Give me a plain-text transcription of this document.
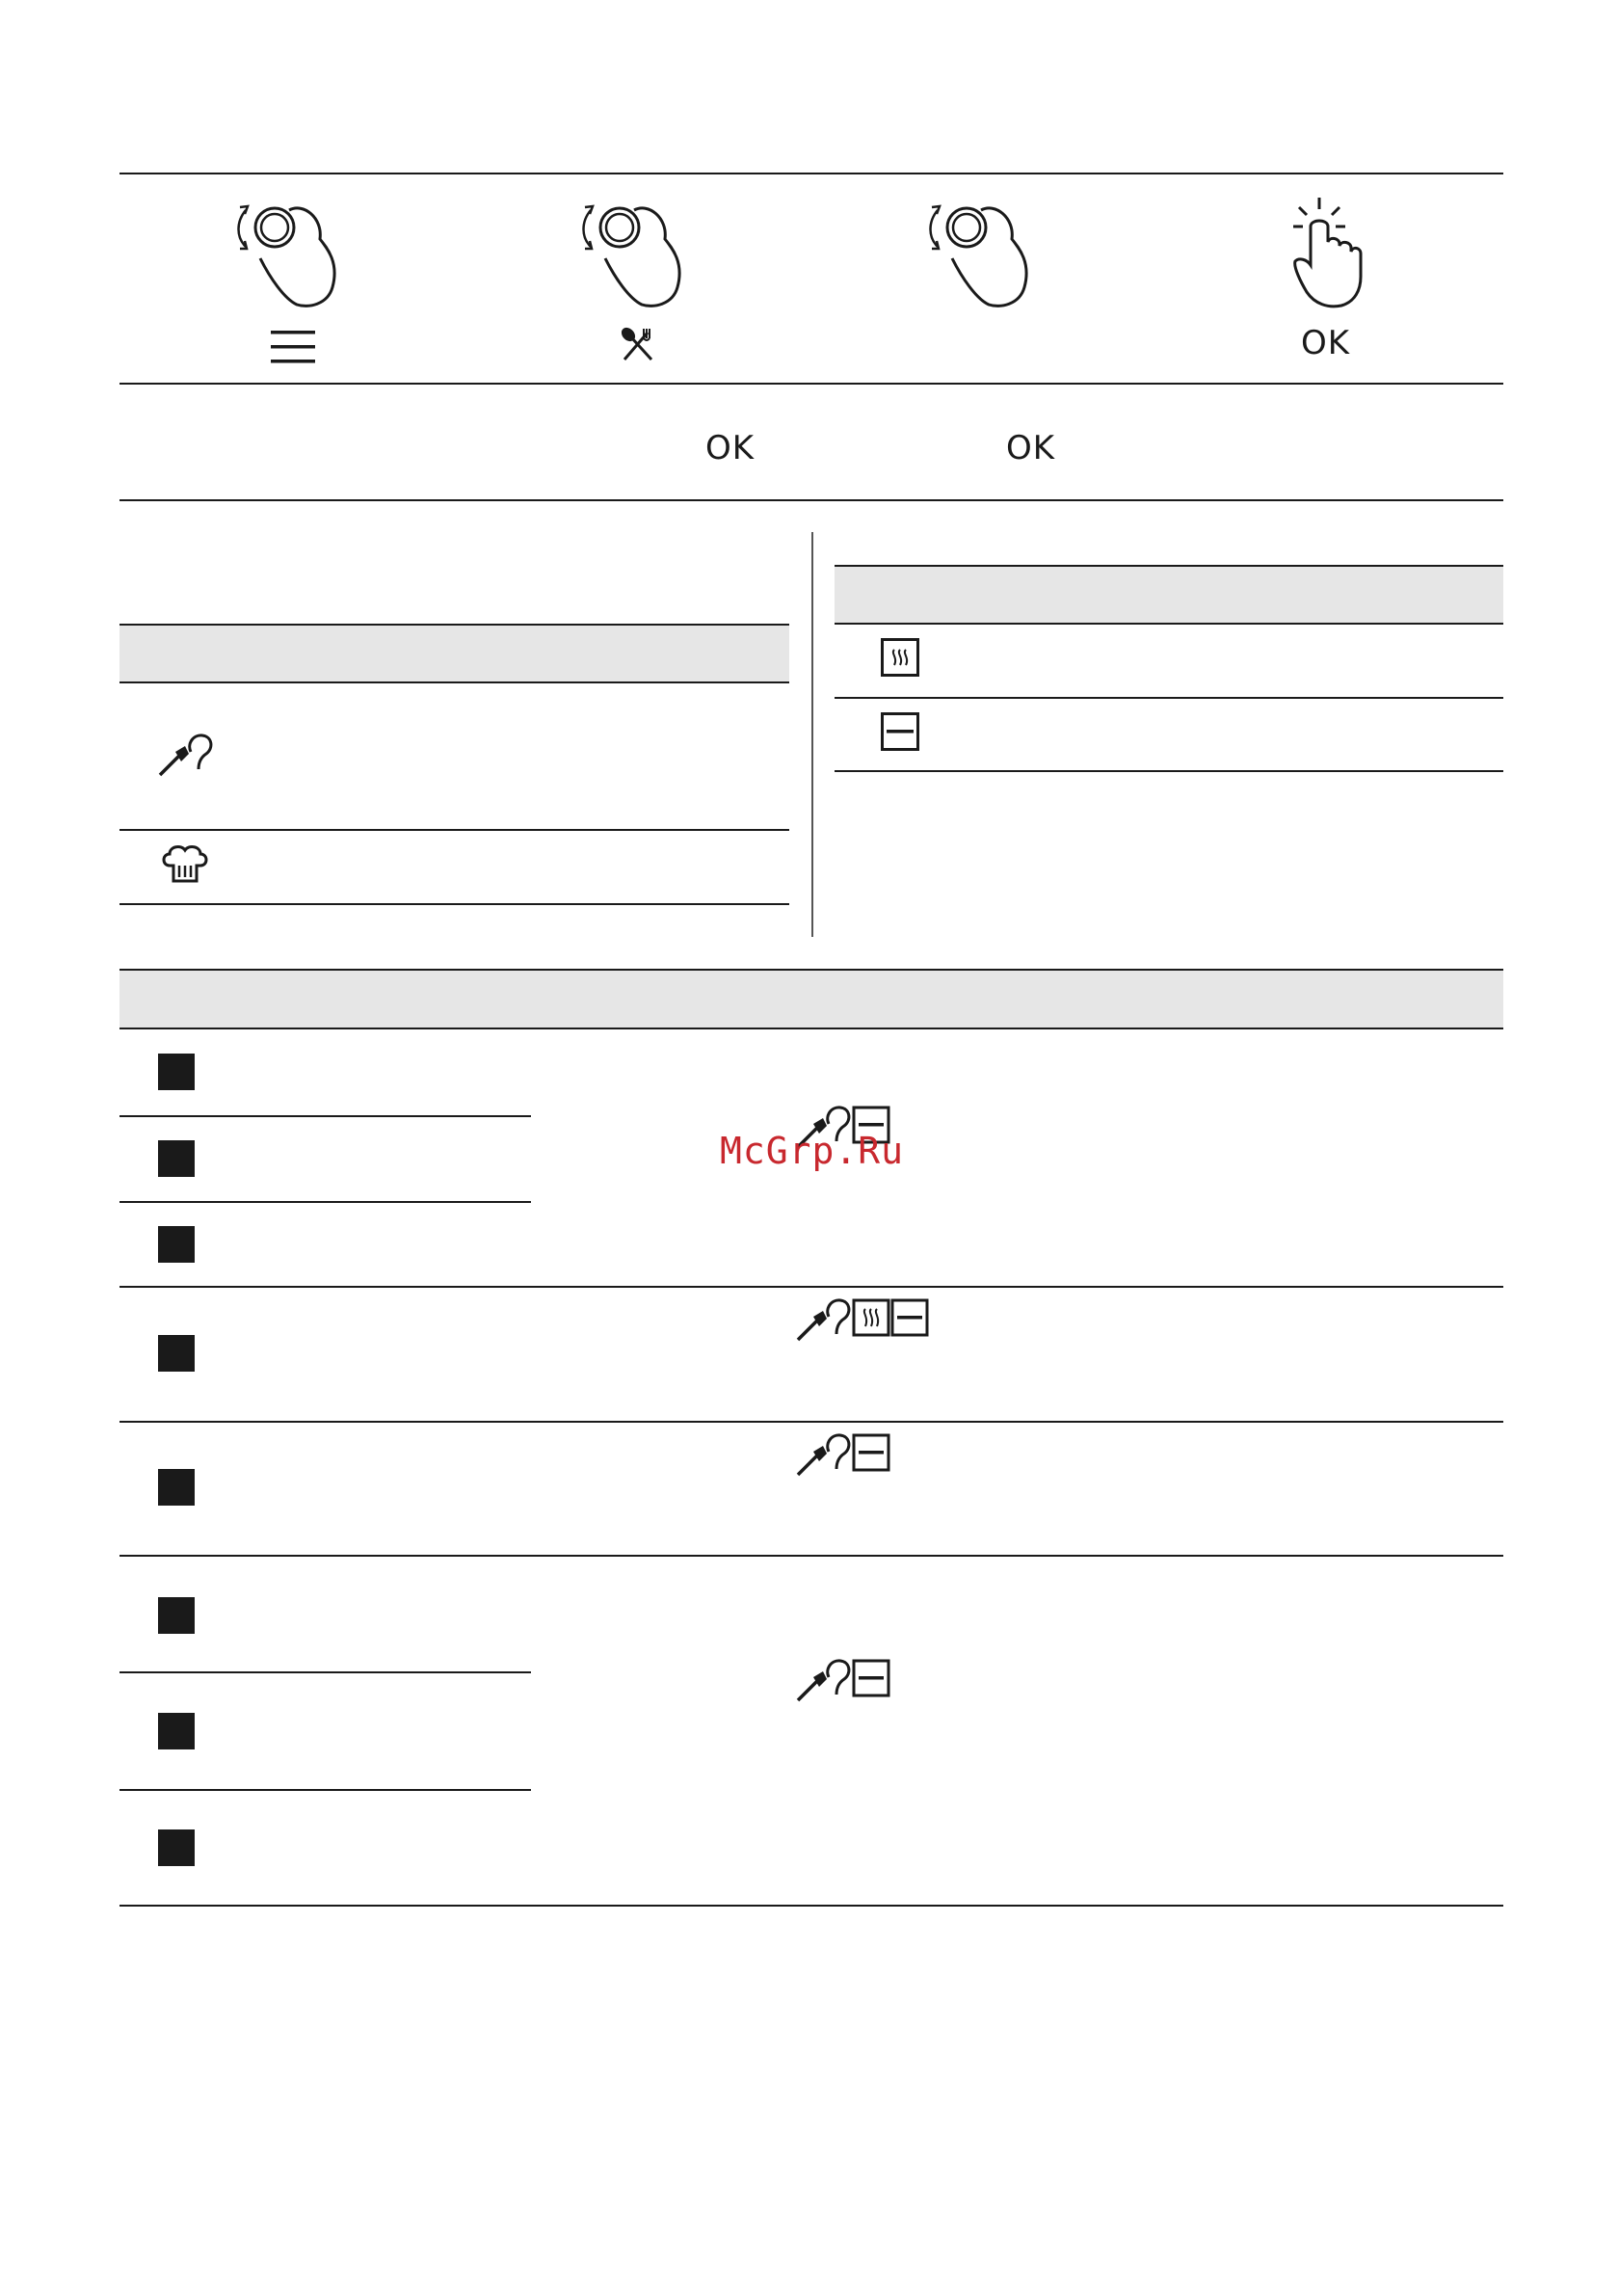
OK
OK	OK
McGrp.Ru
